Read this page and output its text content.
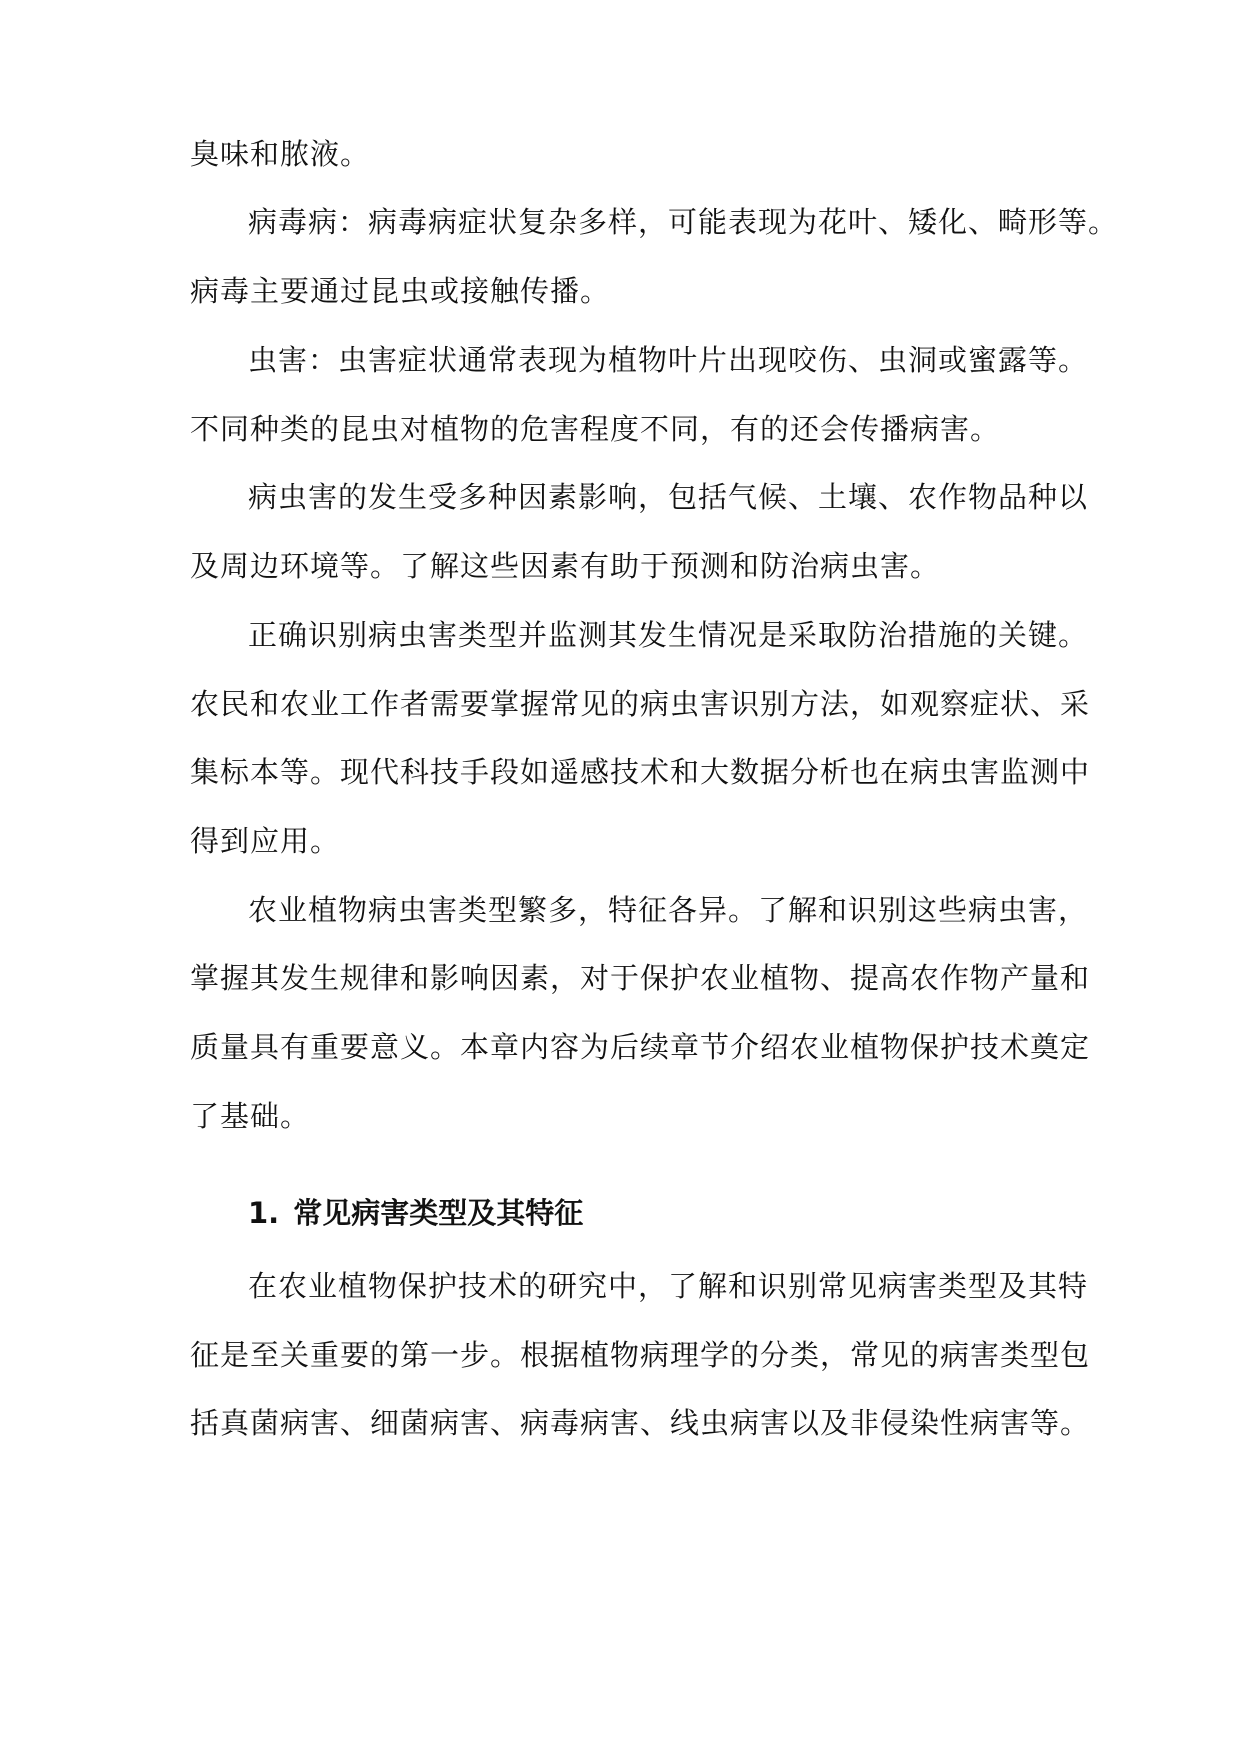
臭味和脓液。
病毒病：病毒病症状复杂多样，可能表现为花叶、矮化、畸形等。
病毒主要通过昆虫或接触传播。
虫害：虫害症状通常表现为植物叶片出现咬伤、虫洞或蜜露等。
不同种类的昆虫对植物的危害程度不同，有的还会传播病害。
病虫害的发生受多种因素影响，包括气候、土壤、农作物品种以
及周边环境等。了解这些因素有助于预测和防治病虫害。
正确识别病虫害类型并监测其发生情况是采取防治措施的关键。
农民和农业工作者需要掌握常见的病虫害识别方法，如观察症状、采
集标本等。现代科技手段如遥感技术和大数据分析也在病虫害监测中
得到应用。
农业植物病虫害类型繁多，特征各异。了解和识别这些病虫害，
掌握其发生规律和影响因素，对于保护农业植物、提高农作物产量和
质量具有重要意义。本章内容为后续章节介绍农业植物保护技术奠定
了基础。
1. 常见病害类型及其特征
在农业植物保护技术的研究中，了解和识别常见病害类型及其特
征是至关重要的第一步。根据植物病理学的分类，常见的病害类型包
括真菌病害、细菌病害、病毒病害、线虫病害以及非侵染性病害等。
